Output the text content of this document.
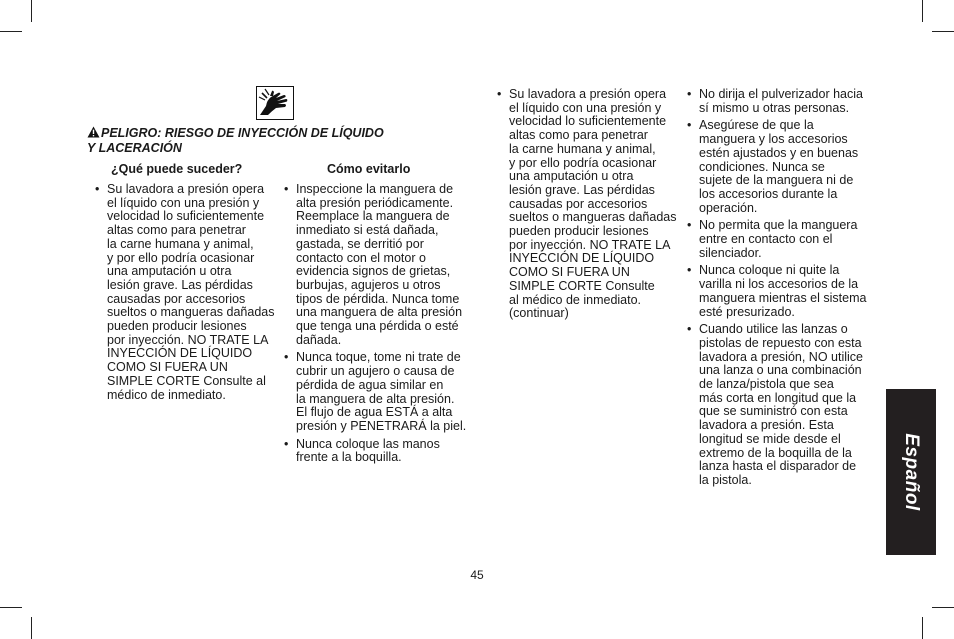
PELIGRO: RIESGO DE INYECCIÓN DE LÍQUIDO
Y LACERACIÓN
¿Qué puede suceder?	Cómo evitarlo
• Su lavadora a presión opera
el líquido con una presión y
velocidad lo suficientemente
altas como para penetrar
la carne humana y animal,
y por ello podría ocasionar
una amputación u otra
lesión grave. Las pérdidas
causadas por accesorios
sueltos o mangueras dañadas
pueden producir lesiones
por inyección. NO TRATE LA
INYECCIÓN DE LÍQUIDO
COMO SI FUERA UN
SIMPLE CORTE Consulte al
médico de inmediato.
• Inspeccione la manguera de
alta presión periódicamente.
Reemplace la manguera de
inmediato si está dañada,
gastada, se derritió por
contacto con el motor o
evidencia signos de grietas,
burbujas, agujeros u otros
tipos de pérdida. Nunca tome
una manguera de alta presión
que tenga una pérdida o esté
dañada.
• Nunca toque, tome ni trate de
cubrir un agujero o causa de
pérdida de agua similar en
la manguera de alta presión.
El flujo de agua ESTÁ a alta
presión y PENETRARÁ la piel.
• Nunca coloque las manos
frente a la boquilla.
• Su lavadora a presión opera
el líquido con una presión y
velocidad lo suficientemente
altas como para penetrar
la carne humana y animal,
y por ello podría ocasionar
una amputación u otra
lesión grave. Las pérdidas
causadas por accesorios
sueltos o mangueras dañadas
pueden producir lesiones
por inyección. NO TRATE LA
INYECCIÓN DE LÍQUIDO
COMO SI FUERA UN
SIMPLE CORTE Consulte
al médico de inmediato.
(continuar)
• No dirija el pulverizador hacia
sí mismo u otras personas.
• Asegúrese de que la
manguera y los accesorios
estén ajustados y en buenas
condiciones. Nunca se
sujete de la manguera ni de
los accesorios durante la
operación.
• No permita que la manguera
entre en contacto con el
silenciador.
• Nunca coloque ni quite la
varilla ni los accesorios de la
manguera mientras el sistema
esté presurizado.
• Cuando utilice las lanzas o
pistolas de repuesto con esta
lavadora a presión, NO utilice
una lanza o una combinación
de lanza/pistola que sea
más corta en longitud que la
que se suministró con esta
lavadora a presión. Esta
longitud se mide desde el
extremo de la boquilla de la
lanza hasta el disparador de
la pistola.	Español
45
